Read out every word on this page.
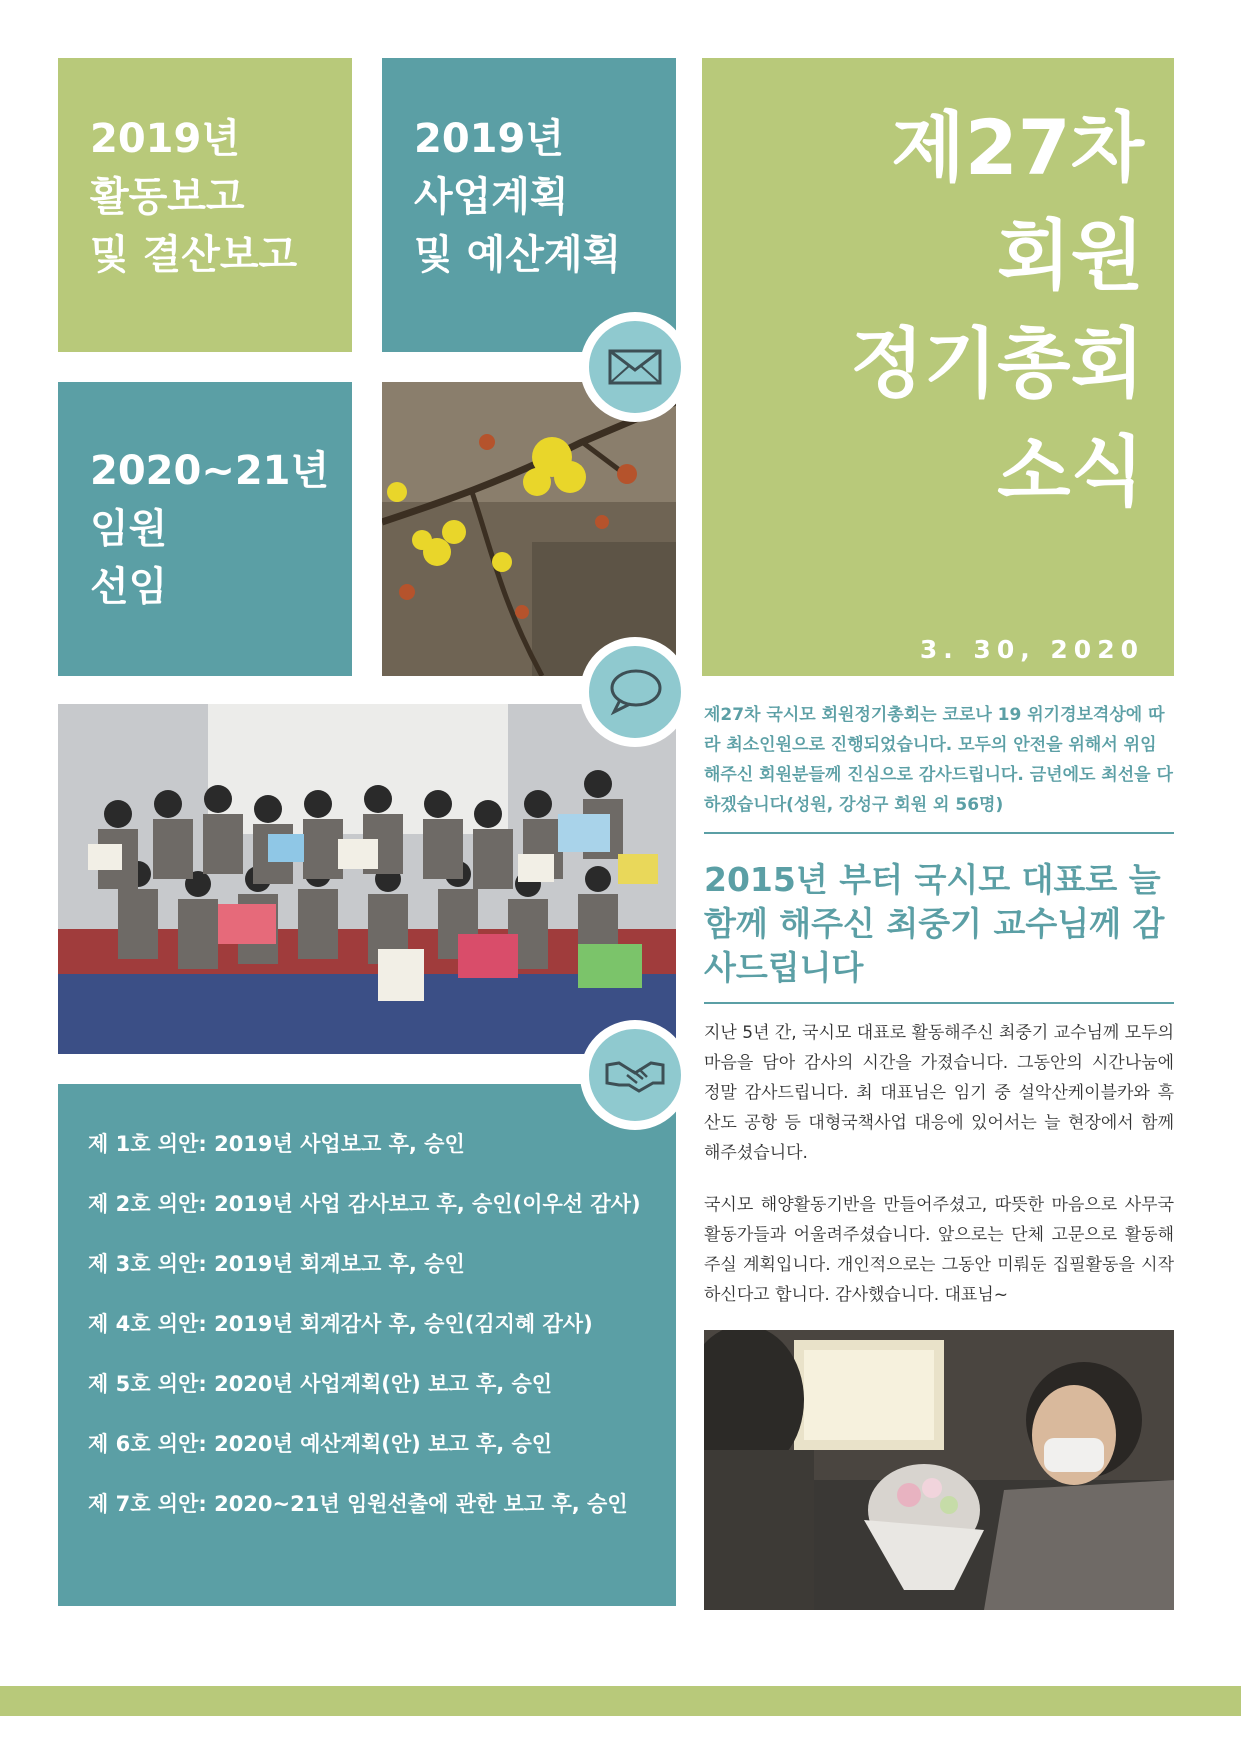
2019년
활동보고
및 결산보고
2019년
사업계획
및 예산계획
2020~21년
임원
선임
제27차
회원
정기총회
소식
3. 30, 2020
제 1호 의안: 2019년 사업보고 후, 승인
제 2호 의안: 2019년 사업 감사보고 후, 승인(이우선 감사)
제 3호 의안: 2019년 회계보고 후, 승인
제 4호 의안: 2019년 회계감사 후, 승인(김지혜 감사)
제 5호 의안: 2020년 사업계획(안) 보고 후, 승인
제 6호 의안: 2020년 예산계획(안) 보고 후, 승인
제 7호 의안: 2020~21년 임원선출에 관한 보고 후, 승인
제27차 국시모 회원정기총회는 코로나 19 위기경보격상에 따라 최소인원으로 진행되었습니다. 모두의 안전을 위해서 위임 해주신 회원분들께 진심으로 감사드립니다. 금년에도 최선을 다하겠습니다(성원, 강성구 회원 외 56명)
2015년 부터 국시모 대표로 늘 함께 해주신 최중기 교수님께 감사드립니다
지난 5년 간, 국시모 대표로 활동해주신 최중기 교수님께 모두의 마음을 담아 감사의 시간을 가졌습니다. 그동안의 시간나눔에 정말 감사드립니다. 최 대표님은 임기 중 설악산케이블카와 흑산도 공항 등 대형국책사업 대응에 있어서는 늘 현장에서 함께 해주셨습니다.
국시모 해양활동기반을 만들어주셨고, 따뜻한 마음으로 사무국활동가들과 어울려주셨습니다. 앞으로는 단체 고문으로 활동해주실 계획입니다. 개인적으로는 그동안 미뤄둔 집필활동을 시작 하신다고 합니다. 감사했습니다. 대표님~
